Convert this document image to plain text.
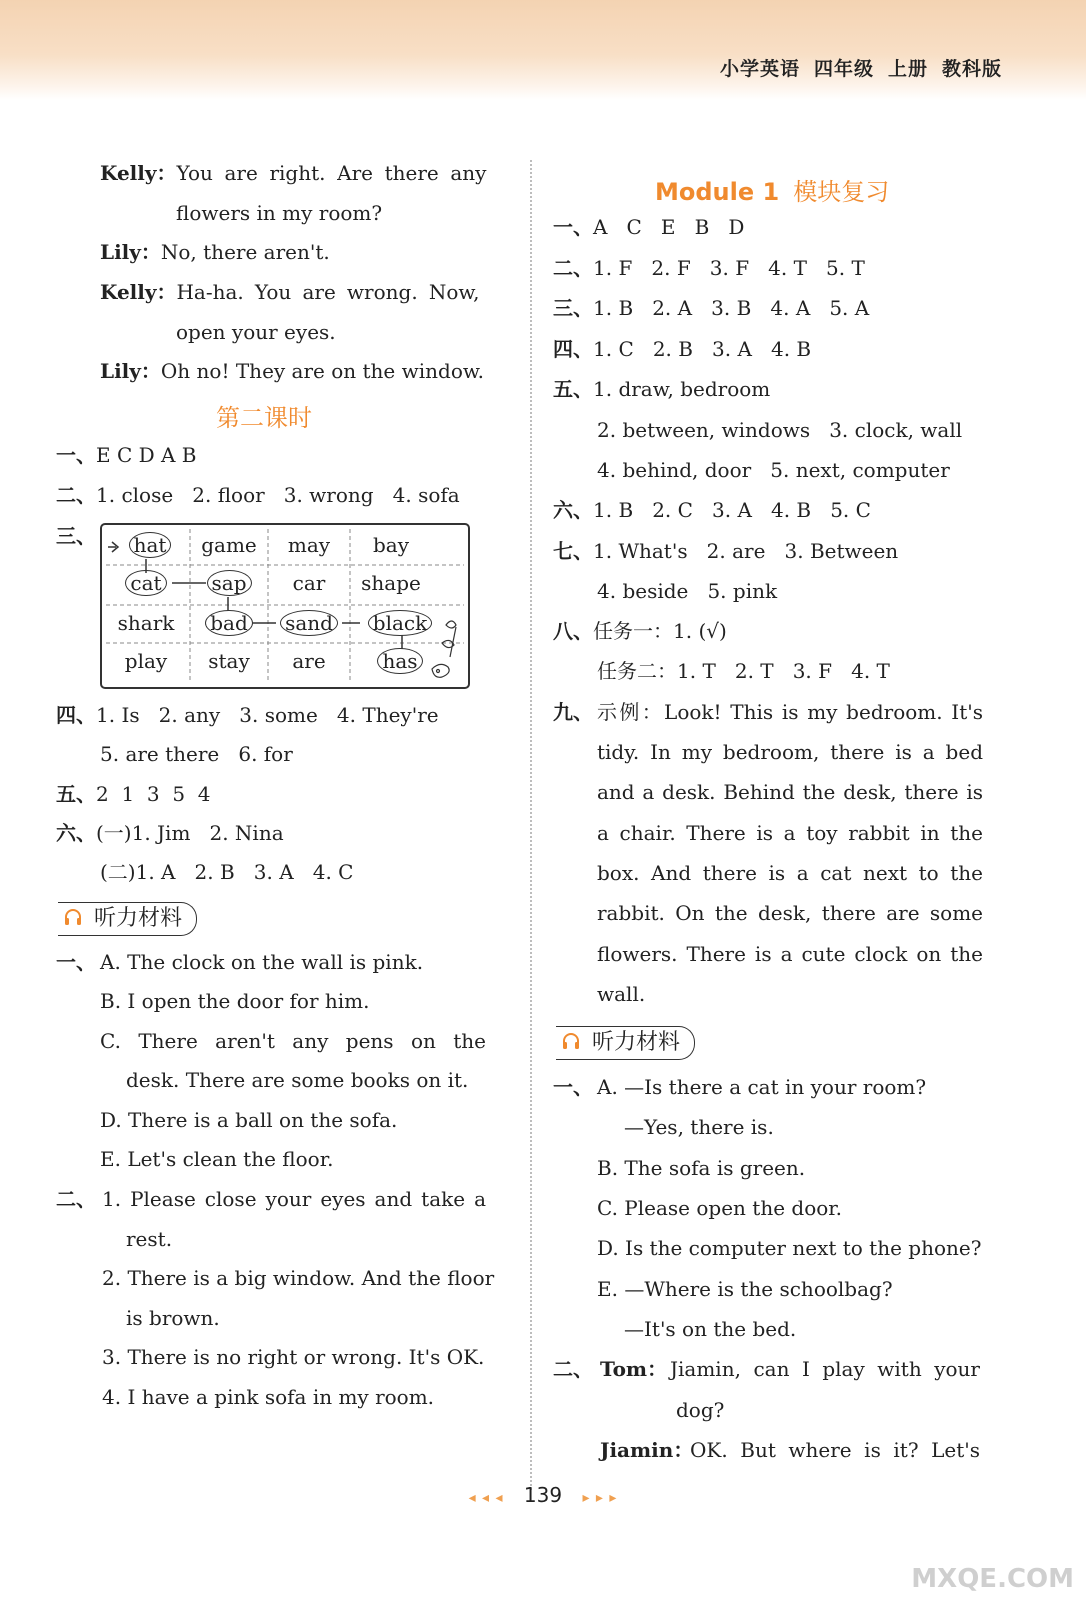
小学英语 四年级 上册 教科版
Kelly：You are right. Are there any
flowers in my room?
Lily：No, there aren't.
Kelly：Ha-ha. You are wrong. Now,
open your eyes.
Lily：Oh no! They are on the window.
第二课时
一、E C D A B
二、1. close   2. floor   3. wrong   4. sofa
三、	hat	game	may	bay
cat	sap	car	shape
shark	bad	sand	black
play	stay	are	has
四、1. Is   2. any   3. some   4. They're
5. are there   6. for
五、2  1  3  5  4
六、(一)1. Jim   2. Nina
(二)1. A   2. B   3. A   4. C
听力材料
一、 A. The clock on the wall is pink.
B. I open the door for him.
C. There aren't any pens on the
desk. There are some books on it.
D. There is a ball on the sofa.
E. Let's clean the floor.
二、 1. Please close your eyes and take a
rest.
2. There is a big window. And the floor
is brown.
3. There is no right or wrong. It's OK.
4. I have a pink sofa in my room.
Module 1 模块复习
一、A   C   E   B   D
二、1. F   2. F   3. F   4. T   5. T
三、1. B   2. A   3. B   4. A   5. A
四、1. C   2. B   3. A   4. B
五、1. draw, bedroom
2. between, windows   3. clock, wall
4. behind, door   5. next, computer
六、1. B   2. C   3. A   4. B   5. C
七、1. What's   2. are   3. Between
4. beside   5. pink
八、任务一：1. (√)
任务二：1. T   2. T   3. F   4. T
九、 示例：Look! This is my bedroom. It's
tidy. In my bedroom, there is a bed
and a desk. Behind the desk, there is
a chair. There is a toy rabbit in the
box. And there is a cat next to the
rabbit. On the desk, there are some
flowers. There is a cute clock on the
wall.
听力材料
一、 A. —Is there a cat in your room?
—Yes, there is.
B. The sofa is green.
C. Please open the door.
D. Is the computer next to the phone?
E. —Where is the schoolbag?
—It's on the bed.
二、 Tom： Jiamin, can I play with your
dog?
Jiamin：OK. But where is it? Let's
◂ ◂ ◂ 139 ▸ ▸ ▸
MXQE.COM
